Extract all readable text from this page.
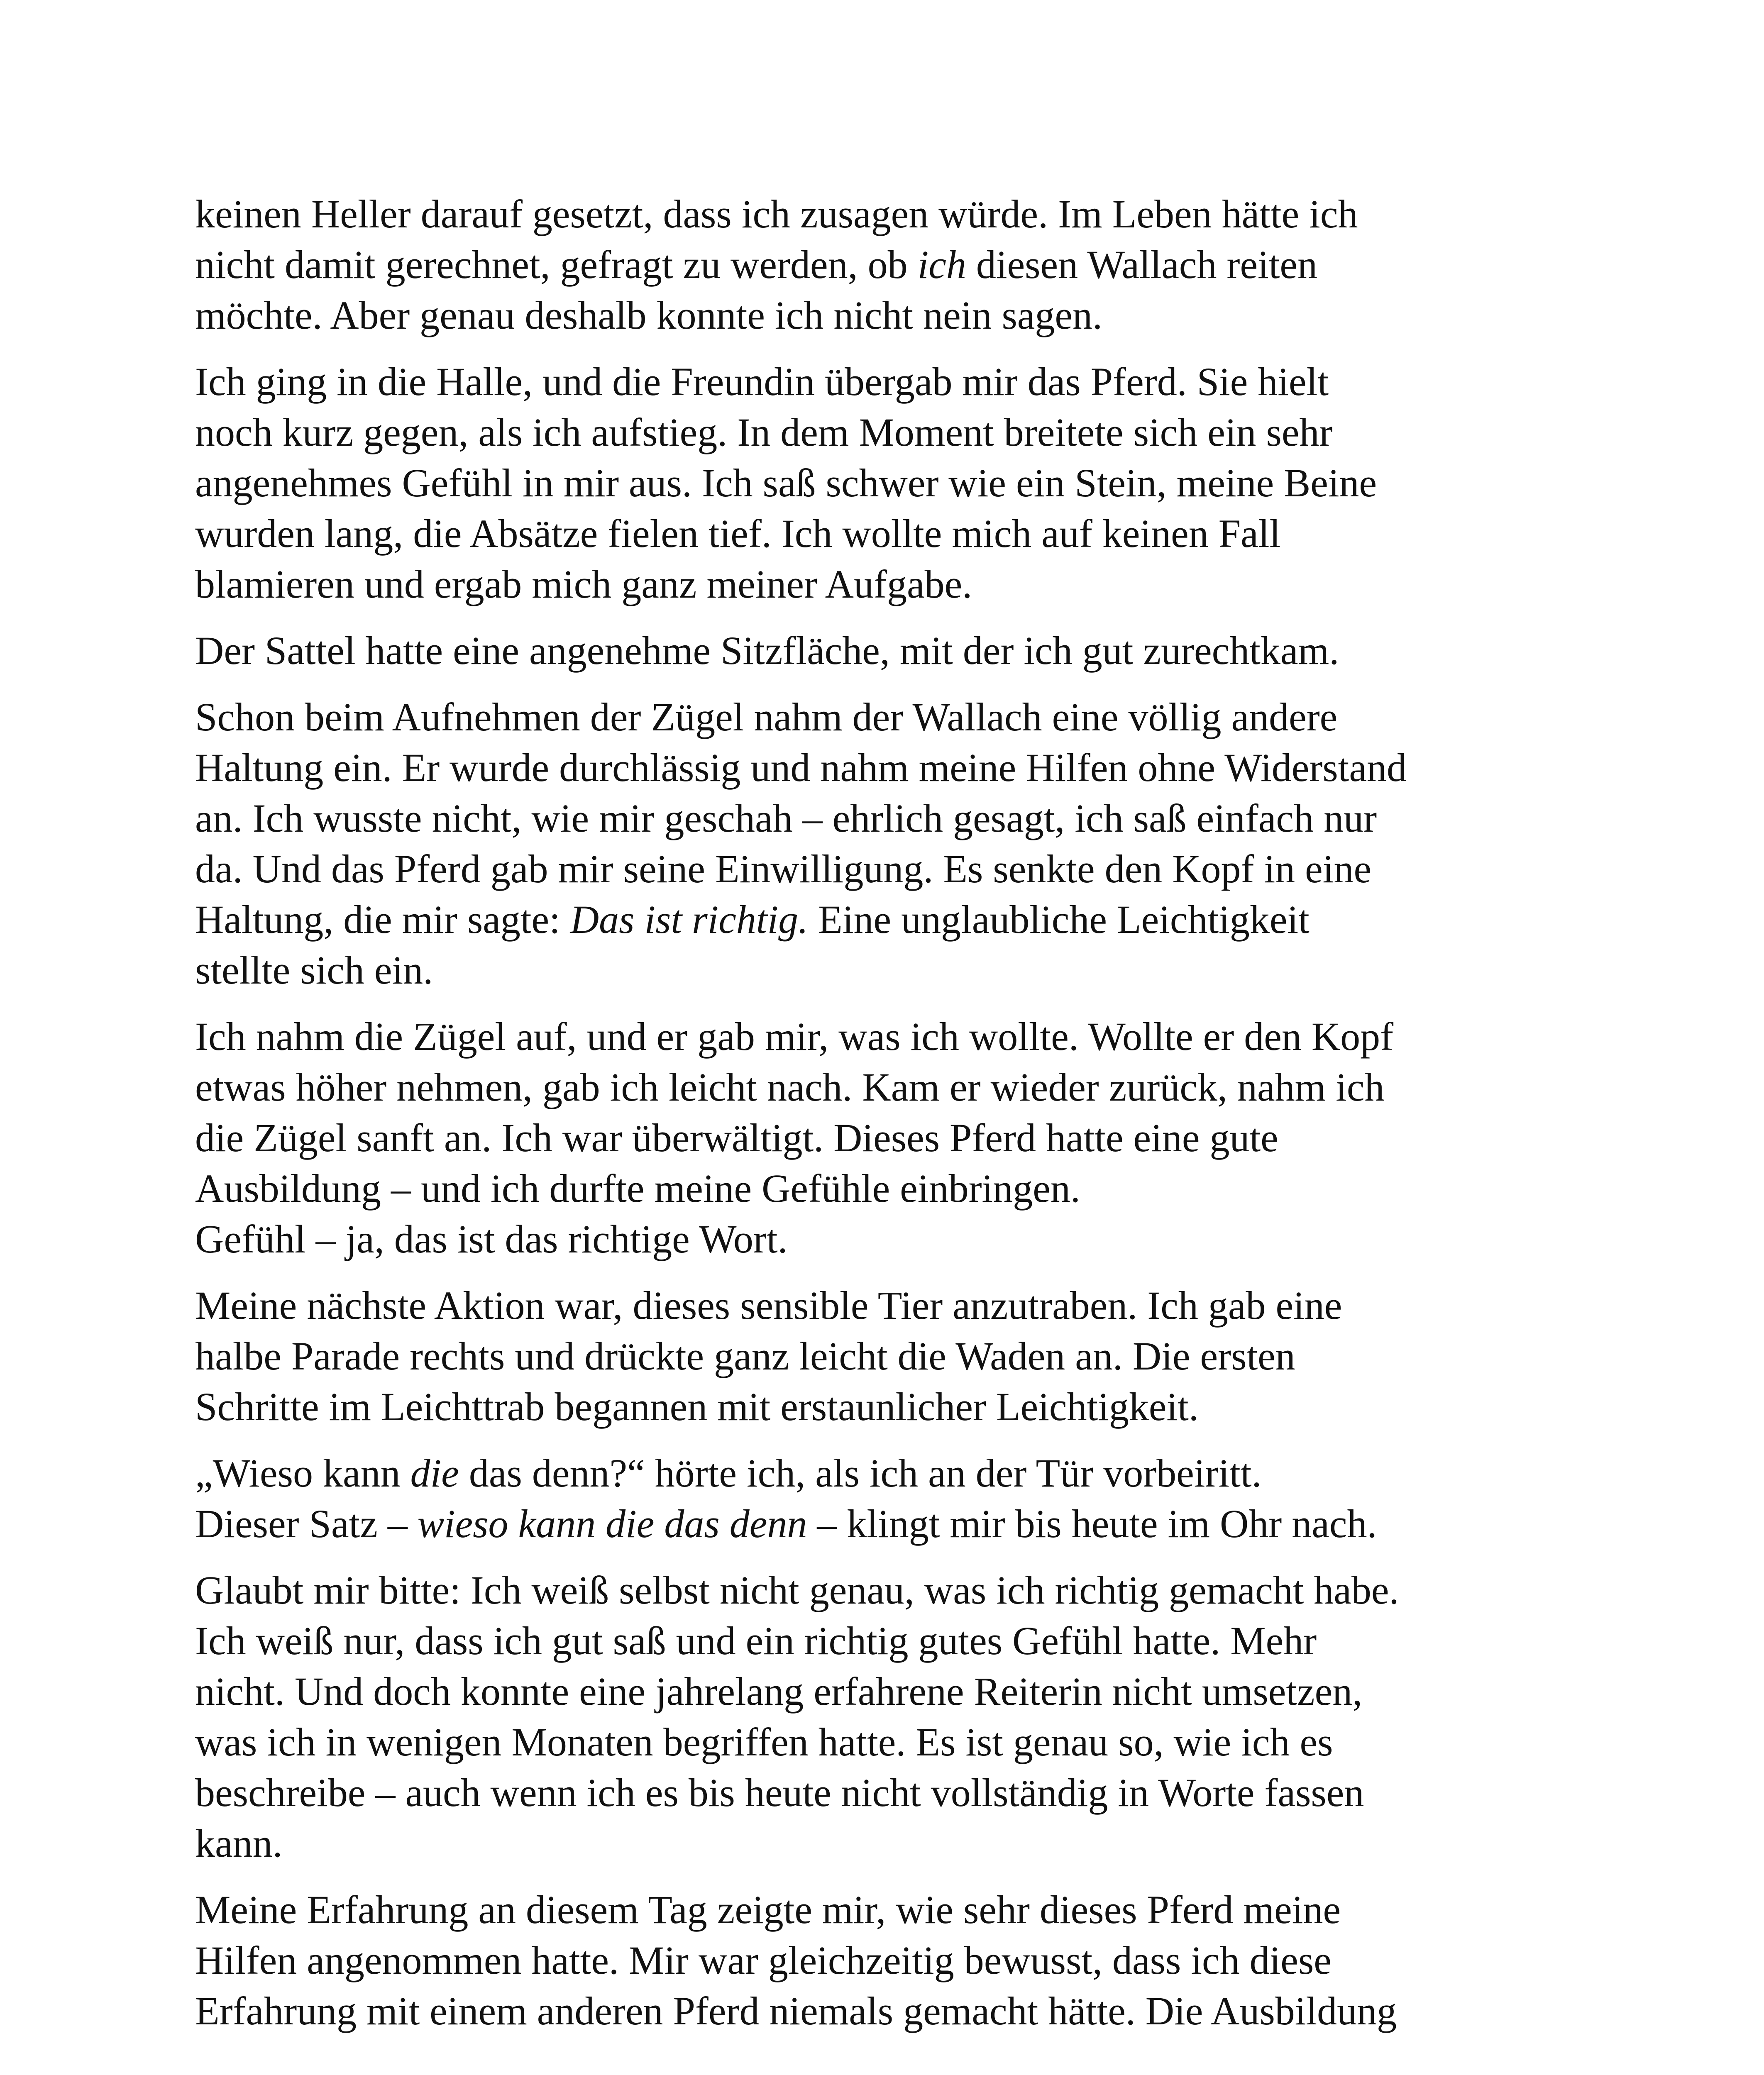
keinen Heller darauf gesetzt, dass ich zusagen würde. Im Leben hätte ich
nicht damit gerechnet, gefragt zu werden, ob ich diesen Wallach reiten
möchte. Aber genau deshalb konnte ich nicht nein sagen.

Ich ging in die Halle, und die Freundin übergab mir das Pferd. Sie hielt
noch kurz gegen, als ich aufstieg. In dem Moment breitete sich ein sehr
angenehmes Gefühl in mir aus. Ich saß schwer wie ein Stein, meine Beine
wurden lang, die Absätze fielen tief. Ich wollte mich auf keinen Fall
blamieren und ergab mich ganz meiner Aufgabe.

Der Sattel hatte eine angenehme Sitzfläche, mit der ich gut zurechtkam.

Schon beim Aufnehmen der Zügel nahm der Wallach eine völlig andere
Haltung ein. Er wurde durchlässig und nahm meine Hilfen ohne Widerstand
an. Ich wusste nicht, wie mir geschah – ehrlich gesagt, ich saß einfach nur
da. Und das Pferd gab mir seine Einwilligung. Es senkte den Kopf in eine
Haltung, die mir sagte: Das ist richtig. Eine unglaubliche Leichtigkeit
stellte sich ein.

Ich nahm die Zügel auf, und er gab mir, was ich wollte. Wollte er den Kopf
etwas höher nehmen, gab ich leicht nach. Kam er wieder zurück, nahm ich
die Zügel sanft an. Ich war überwältigt. Dieses Pferd hatte eine gute
Ausbildung – und ich durfte meine Gefühle einbringen.
Gefühl – ja, das ist das richtige Wort.

Meine nächste Aktion war, dieses sensible Tier anzutraben. Ich gab eine
halbe Parade rechts und drückte ganz leicht die Waden an. Die ersten
Schritte im Leichttrab begannen mit erstaunlicher Leichtigkeit.

„Wieso kann die das denn?“ hörte ich, als ich an der Tür vorbeiritt.
Dieser Satz – wieso kann die das denn – klingt mir bis heute im Ohr nach.

Glaubt mir bitte: Ich weiß selbst nicht genau, was ich richtig gemacht habe.
Ich weiß nur, dass ich gut saß und ein richtig gutes Gefühl hatte. Mehr
nicht. Und doch konnte eine jahrelang erfahrene Reiterin nicht umsetzen,
was ich in wenigen Monaten begriffen hatte. Es ist genau so, wie ich es
beschreibe – auch wenn ich es bis heute nicht vollständig in Worte fassen
kann.

Meine Erfahrung an diesem Tag zeigte mir, wie sehr dieses Pferd meine
Hilfen angenommen hatte. Mir war gleichzeitig bewusst, dass ich diese
Erfahrung mit einem anderen Pferd niemals gemacht hätte. Die Ausbildung
